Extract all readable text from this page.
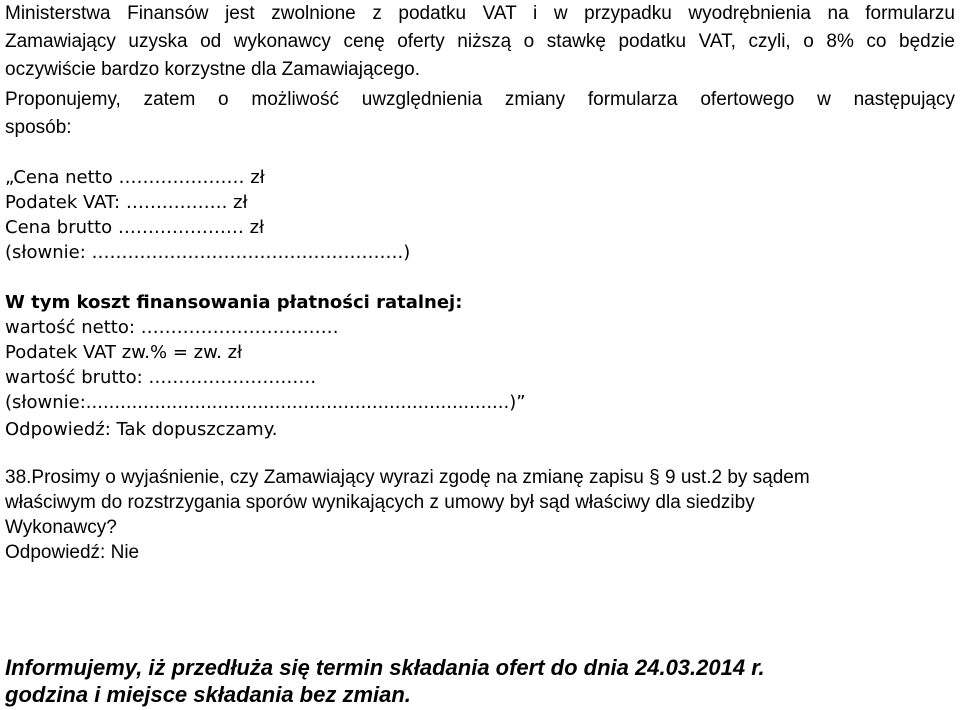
Ministerstwa Finansów jest zwolnione z podatku VAT i w przypadku wyodrębnienia na formularzu
Zamawiający uzyska od wykonawcy cenę oferty niższą o stawkę podatku VAT, czyli, o 8% co będzie
oczywiście bardzo korzystne dla Zamawiającego.
Proponujemy, zatem o możliwość uwzględnienia zmiany formularza ofertowego w następujący
sposób:
„Cena netto ………………… zł
Podatek VAT: …….………. zł
Cena brutto ………………… zł
(słownie: …………………………………………….)
W tym koszt finansowania płatności ratalnej:
wartość netto: ……………………………
Podatek VAT zw.% = zw. zł
wartość brutto: ……………………….
(słownie:..........................................................................)”
Odpowiedź: Tak dopuszczamy.
38.Prosimy o wyjaśnienie, czy Zamawiający wyrazi zgodę na zmianę zapisu § 9 ust.2 by sądem
właściwym do rozstrzygania sporów wynikających z umowy był sąd właściwy dla siedziby
Wykonawcy?
Odpowiedź: Nie
Informujemy, iż przedłuża się termin składania ofert do dnia 24.03.2014 r.
godzina i miejsce składania bez zmian.
